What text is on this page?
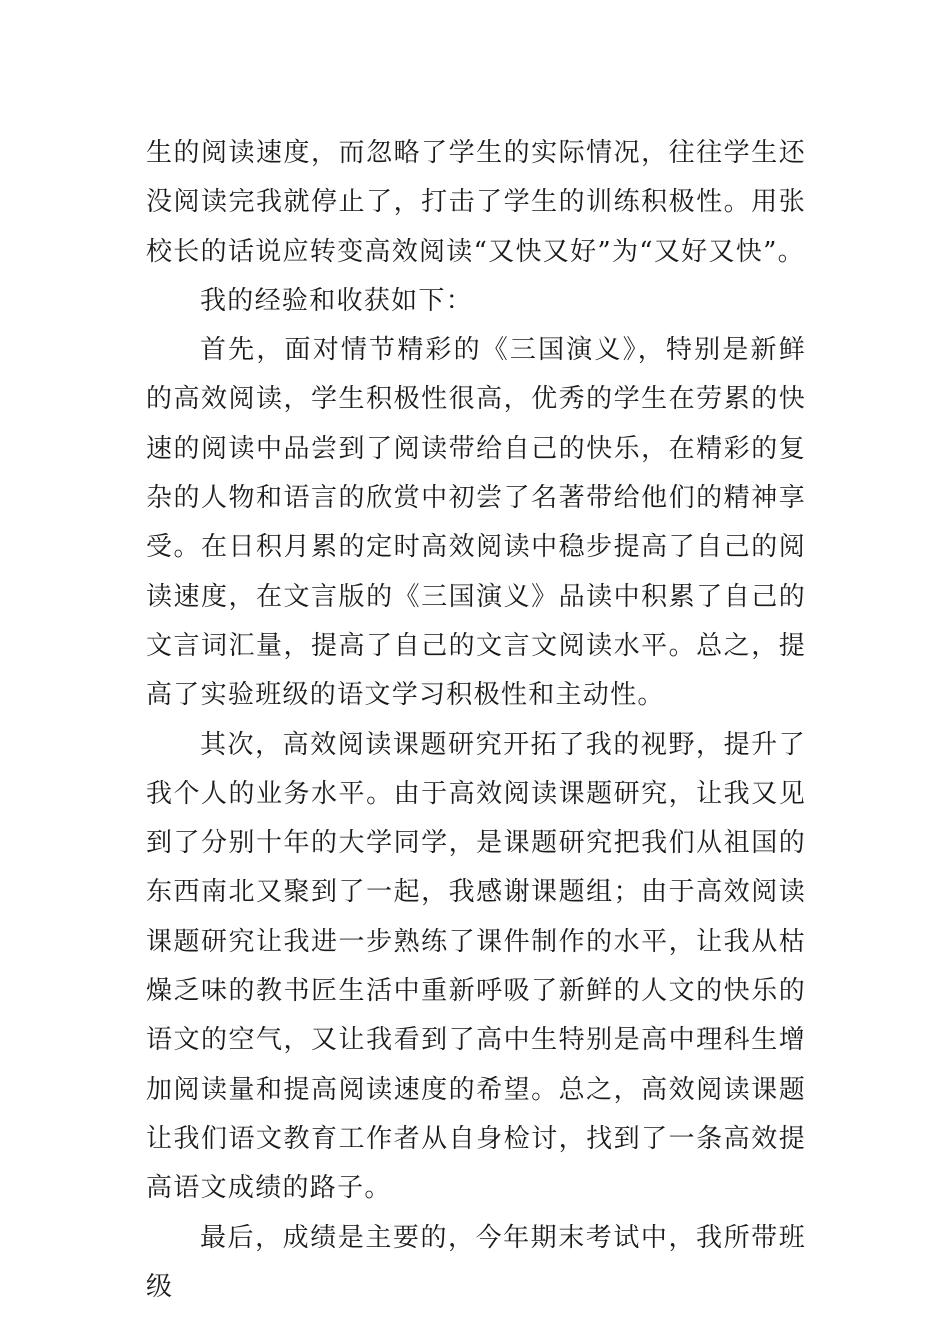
生的阅读速度，而忽略了学生的实际情况，往往学生还没阅读完我就停止了，打击了学生的训练积极性。用张校长的话说应转变高效阅读“又快又好”为“又好又快”。

我的经验和收获如下：

首先，面对情节精彩的《三国演义》，特别是新鲜的高效阅读，学生积极性很高，优秀的学生在劳累的快速的阅读中品尝到了阅读带给自己的快乐，在精彩的复杂的人物和语言的欣赏中初尝了名著带给他们的精神享受。在日积月累的定时高效阅读中稳步提高了自己的阅读速度，在文言版的《三国演义》品读中积累了自己的文言词汇量，提高了自己的文言文阅读水平。总之，提高了实验班级的语文学习积极性和主动性。

其次，高效阅读课题研究开拓了我的视野，提升了我个人的业务水平。由于高效阅读课题研究，让我又见到了分别十年的大学同学，是课题研究把我们从祖国的东西南北又聚到了一起，我感谢课题组；由于高效阅读课题研究让我进一步熟练了课件制作的水平，让我从枯燥乏味的教书匠生活中重新呼吸了新鲜的人文的快乐的语文的空气，又让我看到了高中生特别是高中理科生增加阅读量和提高阅读速度的希望。总之，高效阅读课题让我们语文教育工作者从自身检讨，找到了一条高效提高语文成绩的路子。

最后，成绩是主要的，今年期末考试中，我所带班级
